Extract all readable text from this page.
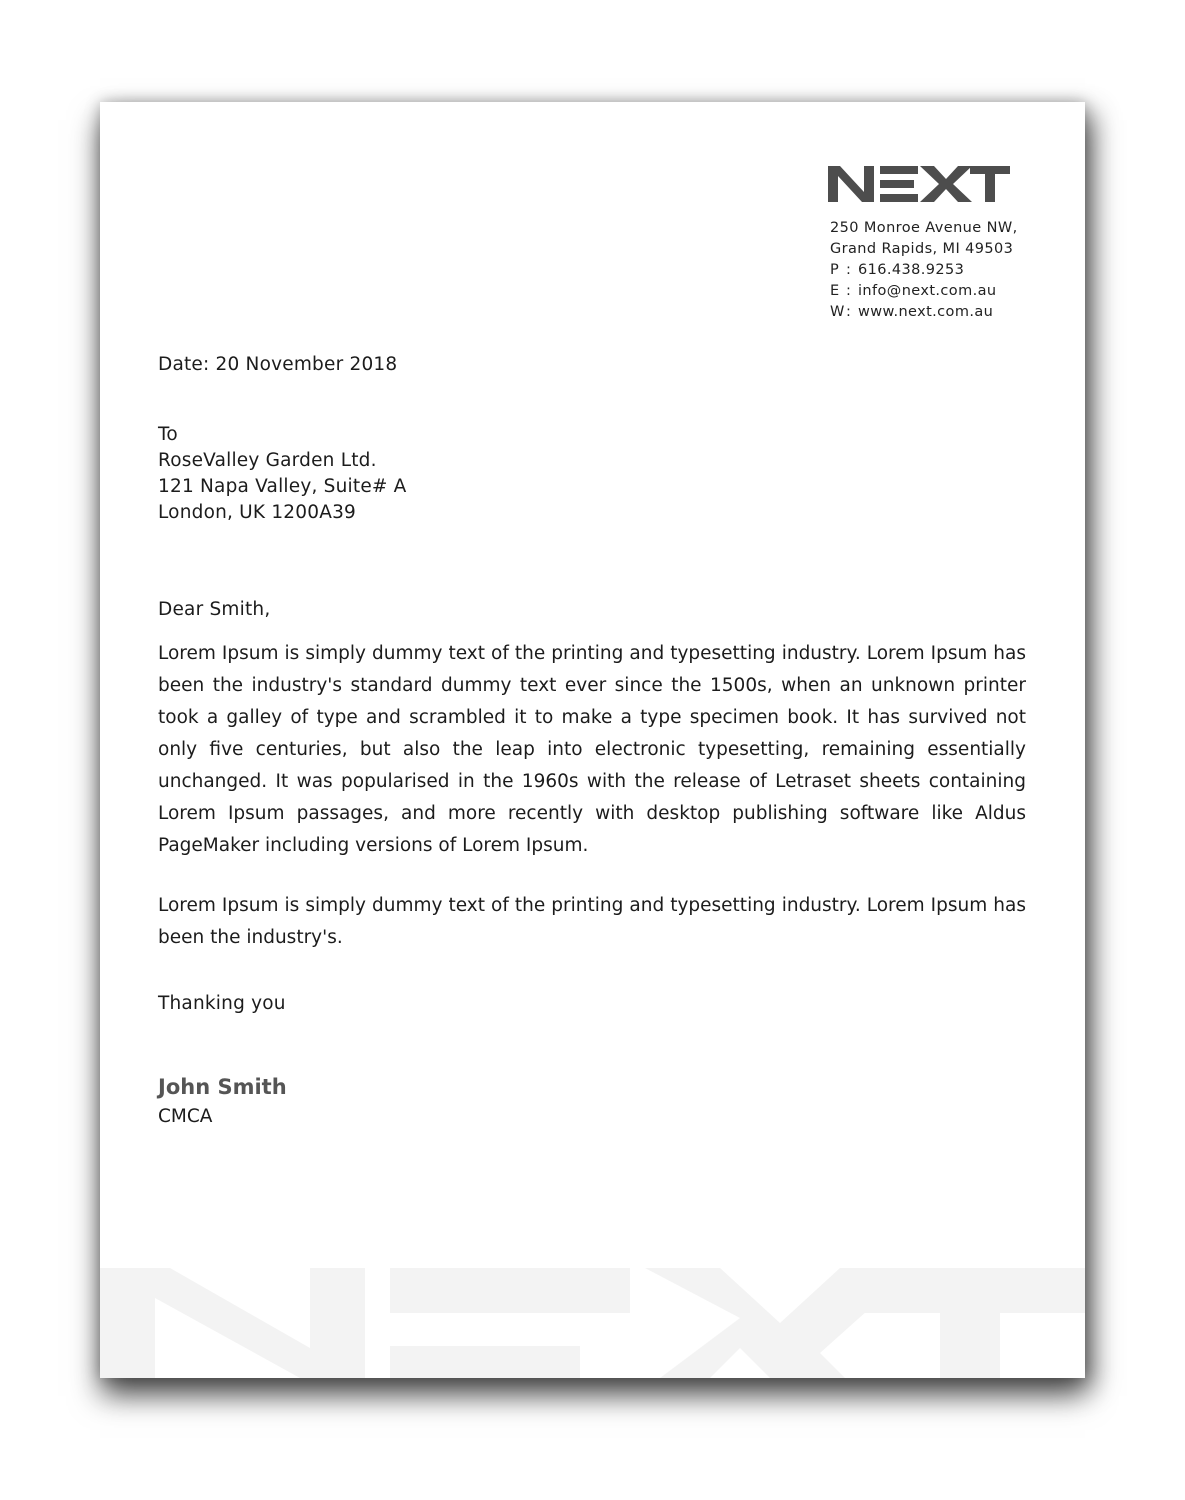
250 Monroe Avenue NW,
Grand Rapids, MI 49503
P : 616.438.9253
E : info@next.com.au
W: www.next.com.au
Date: 20 November 2018
To
RoseValley Garden Ltd.
121 Napa Valley, Suite# A
London, UK 1200A39
Dear Smith,

Lorem Ipsum is simply dummy text of the printing and typesetting industry. Lorem Ipsum has been the industry's standard dummy text ever since the 1500s, when an unknown printer took a galley of type and scrambled it to make a type specimen book. It has survived not only five centuries, but also the leap into electronic typesetting, remaining essentially unchanged. It was popularised in the 1960s with the release of Letraset sheets containing Lorem Ipsum passages, and more recently with desktop publishing software like Aldus PageMaker including versions of Lorem Ipsum.

Lorem Ipsum is simply dummy text of the printing and typesetting industry. Lorem Ipsum has been the industry's.

Thanking you
John Smith
CMCA
